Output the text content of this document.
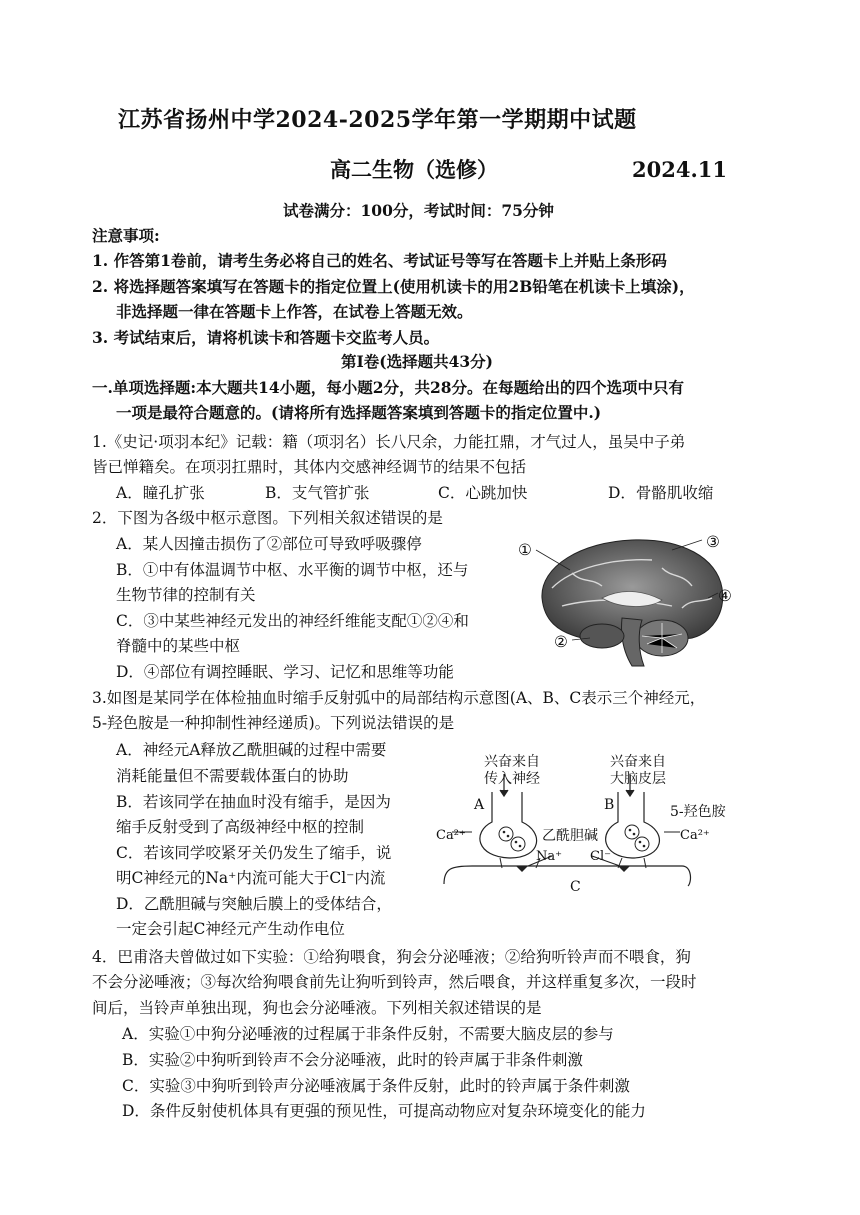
江苏省扬州中学2024-2025学年第一学期期中试题
高二生物（选修）	2024.11
试卷满分：100分，考试时间：75分钟
注意事项:
1. 作答第1卷前，请考生务必将自己的姓名、考试证号等写在答题卡上并贴上条形码
2. 将选择题答案填写在答题卡的指定位置上(使用机读卡的用2B铅笔在机读卡上填涂)，
非选择题一律在答题卡上作答，在试卷上答题无效。
3. 考试结束后，请将机读卡和答题卡交监考人员。
第Ⅰ卷(选择题共43分)
一.单项选择题:本大题共14小题，每小题2分，共28分。在每题给出的四个选项中只有
一项是最符合题意的。(请将所有选择题答案填到答题卡的指定位置中.)
1.《史记·项羽本纪》记载：籍（项羽名）长八尺余，力能扛鼎，才气过人，虽吴中子弟
皆已惮籍矣。在项羽扛鼎时，其体内交感神经调节的结果不包括
A．瞳孔扩张	B．支气管扩张	C．心跳加快	D．骨骼肌收缩
2．下图为各级中枢示意图。下列相关叙述错误的是
A．某人因撞击损伤了②部位可导致呼吸骤停
B．①中有体温调节中枢、水平衡的调节中枢，还与
生物节律的控制有关
C．③中某些神经元发出的神经纤维能支配①②④和
脊髓中的某些中枢
D．④部位有调控睡眠、学习、记忆和思维等功能
①
②
③
④
3.如图是某同学在体检抽血时缩手反射弧中的局部结构示意图(A、B、C表示三个神经元，
5-羟色胺是一种抑制性神经递质)。下列说法错误的是
A．神经元A释放乙酰胆碱的过程中需要
消耗能量但不需要载体蛋白的协助
B．若该同学在抽血时没有缩手，是因为
缩手反射受到了高级神经中枢的控制
C．若该同学咬紧牙关仍发生了缩手，说
明C神经元的Na⁺内流可能大于Cl⁻内流
D．乙酰胆碱与突触后膜上的受体结合，
一定会引起C神经元产生动作电位
兴奋来自
传入神经
兴奋来自
大脑皮层
A	B
乙酰胆碱
5-羟色胺
Ca²⁺	Ca²⁺
Na⁺ Cl⁻
C
4．巴甫洛夫曾做过如下实验：①给狗喂食，狗会分泌唾液；②给狗听铃声而不喂食，狗
不会分泌唾液；③每次给狗喂食前先让狗听到铃声，然后喂食，并这样重复多次，一段时
间后，当铃声单独出现，狗也会分泌唾液。下列相关叙述错误的是
A．实验①中狗分泌唾液的过程属于非条件反射，不需要大脑皮层的参与
B．实验②中狗听到铃声不会分泌唾液，此时的铃声属于非条件刺激
C．实验③中狗听到铃声分泌唾液属于条件反射，此时的铃声属于条件刺激
D．条件反射使机体具有更强的预见性，可提高动物应对复杂环境变化的能力
